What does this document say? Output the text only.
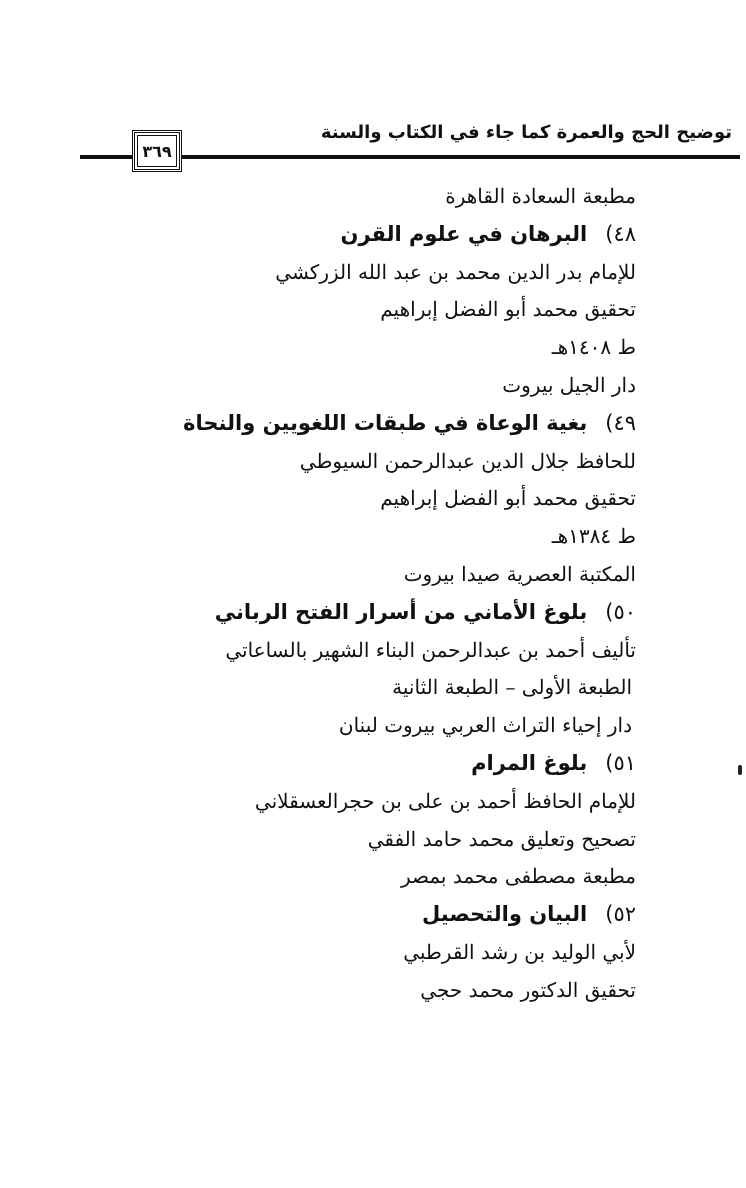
٣٦٩
توضيح الحج والعمرة كما جاء في الكتاب والسنة
مطبعة السعادة القاهرة
٤٨)البرهان في علوم القرن
للإمام بدر الدين محمد بن عبد الله الزركشي
تحقيق محمد أبو الفضل إبراهيم
ط ١٤٠٨هـ
دار الجيل بيروت
٤٩)بغية الوعاة في طبقات اللغويين والنحاة
للحافظ جلال الدين عبدالرحمن السيوطي
تحقيق محمد أبو الفضل إبراهيم
ط ١٣٨٤هـ
المكتبة العصرية صيدا بيروت
٥٠)بلوغ الأماني من أسرار الفتح الرباني
تأليف أحمد بن عبدالرحمن البناء الشهير بالساعاتي
الطبعة الأولى – الطبعة الثانية
دار إحياء التراث العربي بيروت لبنان
٥١)بلوغ المرام
للإمام الحافظ أحمد بن على بن حجرالعسقلاني
تصحيح وتعليق محمد حامد الفقي
مطبعة مصطفى محمد بمصر
٥٢)البيان والتحصيل
لأبي الوليد بن رشد القرطبي
تحقيق الدكتور محمد حجي
